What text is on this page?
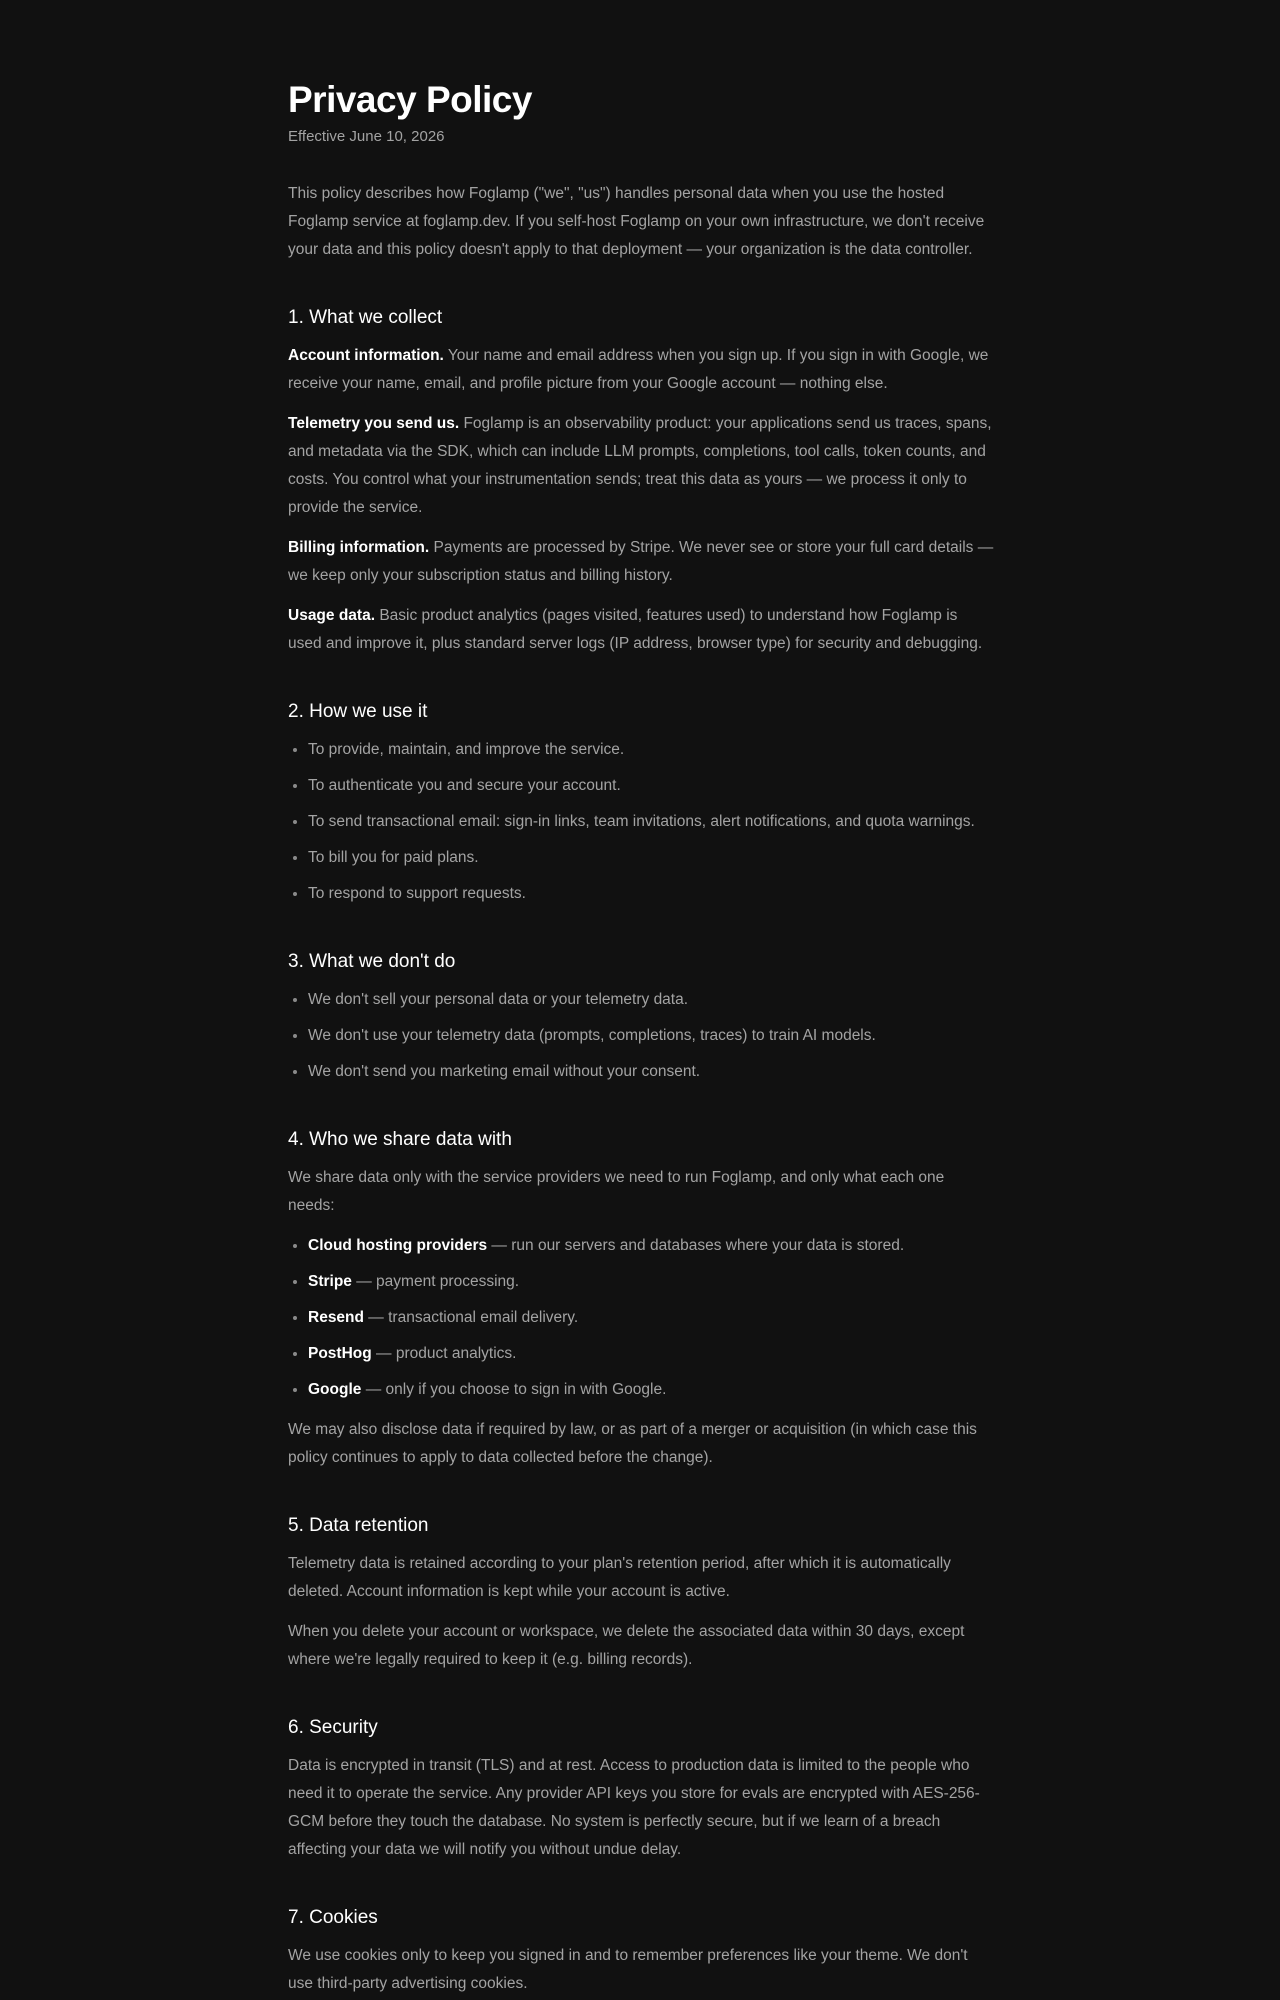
Privacy Policy
Effective June 10, 2026

This policy describes how Foglamp ("we", "us") handles personal data when you use the hosted Foglamp service at foglamp.dev. If you self-host Foglamp on your own infrastructure, we don't receive your data and this policy doesn't apply to that deployment — your organization is the data controller.

1. What we collect

Account information. Your name and email address when you sign up. If you sign in with Google, we receive your name, email, and profile picture from your Google account — nothing else.

Telemetry you send us. Foglamp is an observability product: your applications send us traces, spans, and metadata via the SDK, which can include LLM prompts, completions, tool calls, token counts, and costs. You control what your instrumentation sends; treat this data as yours — we process it only to provide the service.

Billing information. Payments are processed by Stripe. We never see or store your full card details — we keep only your subscription status and billing history.

Usage data. Basic product analytics (pages visited, features used) to understand how Foglamp is used and improve it, plus standard server logs (IP address, browser type) for security and debugging.

2. How we use it
• To provide, maintain, and improve the service.
• To authenticate you and secure your account.
• To send transactional email: sign-in links, team invitations, alert notifications, and quota warnings.
• To bill you for paid plans.
• To respond to support requests.
3. What we don't do
• We don't sell your personal data or your telemetry data.
• We don't use your telemetry data (prompts, completions, traces) to train AI models.
• We don't send you marketing email without your consent.
4. Who we share data with

We share data only with the service providers we need to run Foglamp, and only what each one needs:

• Cloud hosting providers — run our servers and databases where your data is stored.
• Stripe — payment processing.
• Resend — transactional email delivery.
• PostHog — product analytics.
• Google — only if you choose to sign in with Google.

We may also disclose data if required by law, or as part of a merger or acquisition (in which case this policy continues to apply to data collected before the change).

5. Data retention

Telemetry data is retained according to your plan's retention period, after which it is automatically deleted. Account information is kept while your account is active.

When you delete your account or workspace, we delete the associated data within 30 days, except where we're legally required to keep it (e.g. billing records).

6. Security

Data is encrypted in transit (TLS) and at rest. Access to production data is limited to the people who need it to operate the service. Any provider API keys you store for evals are encrypted with AES-256-GCM before they touch the database. No system is perfectly secure, but if we learn of a breach affecting your data we will notify you without undue delay.

7. Cookies

We use cookies only to keep you signed in and to remember preferences like your theme. We don't use third-party advertising cookies.
